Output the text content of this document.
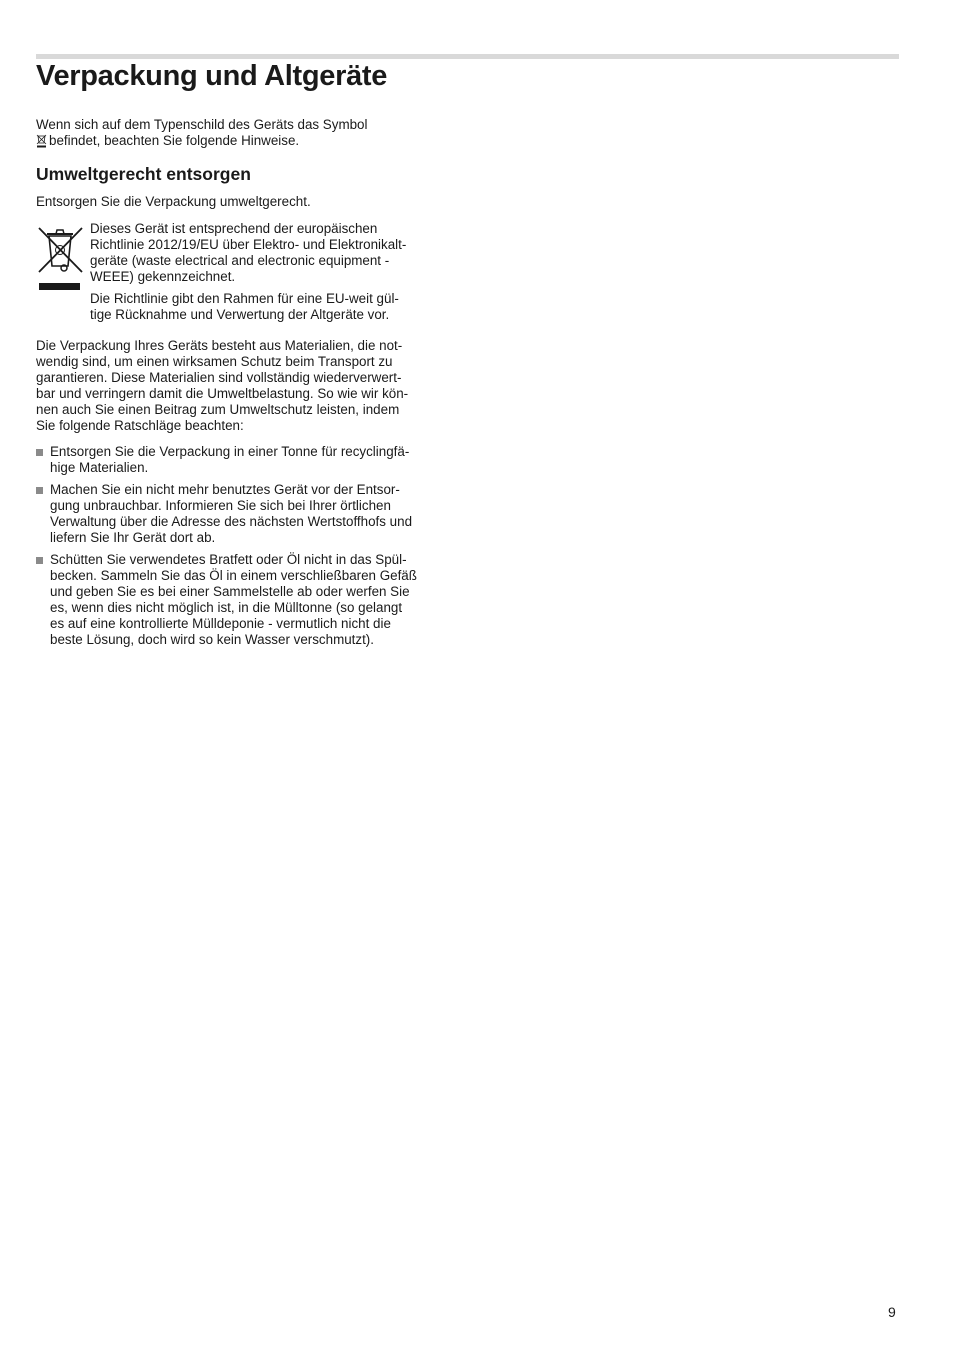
Verpackung und Altgeräte
Wenn sich auf dem Typenschild des Geräts das Symbol
befindet, beachten Sie folgende Hinweise.
Umweltgerecht entsorgen
Entsorgen Sie die Verpackung umweltgerecht.
Dieses Gerät ist entsprechend der europäischen
Richtlinie 2012/19/EU über Elektro- und Elektronikalt-
geräte (waste electrical and electronic equipment -
WEEE) gekennzeichnet.
Die Richtlinie gibt den Rahmen für eine EU-weit gül-
tige Rücknahme und Verwertung der Altgeräte vor.
Die Verpackung Ihres Geräts besteht aus Materialien, die not-
wendig sind, um einen wirksamen Schutz beim Transport zu
garantieren. Diese Materialien sind vollständig wiederverwert-
bar und verringern damit die Umweltbelastung. So wie wir kön-
nen auch Sie einen Beitrag zum Umweltschutz leisten, indem
Sie folgende Ratschläge beachten:
Entsorgen Sie die Verpackung in einer Tonne für recyclingfä-
hige Materialien.
Machen Sie ein nicht mehr benutztes Gerät vor der Entsor-
gung unbrauchbar. Informieren Sie sich bei Ihrer örtlichen
Verwaltung über die Adresse des nächsten Wertstoffhofs und
liefern Sie Ihr Gerät dort ab.
Schütten Sie verwendetes Bratfett oder Öl nicht in das Spül-
becken. Sammeln Sie das Öl in einem verschließbaren Gefäß
und geben Sie es bei einer Sammelstelle ab oder werfen Sie
es, wenn dies nicht möglich ist, in die Mülltonne (so gelangt
es auf eine kontrollierte Mülldeponie - vermutlich nicht die
beste Lösung, doch wird so kein Wasser verschmutzt).
9
